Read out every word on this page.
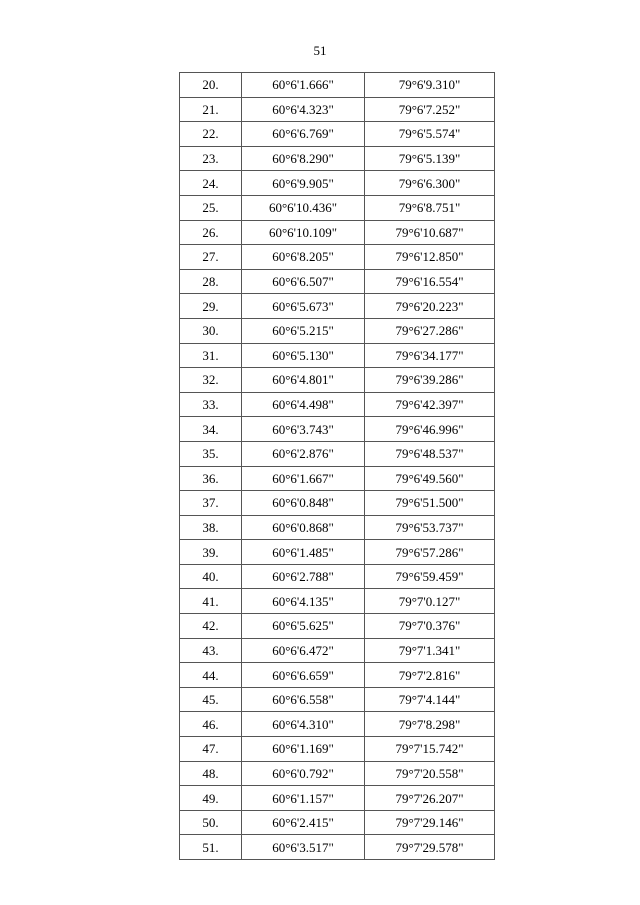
51
20.	60°6'1.666"	79°6'9.310"
21.	60°6'4.323"	79°6'7.252"
22.	60°6'6.769"	79°6'5.574"
23.	60°6'8.290"	79°6'5.139"
24.	60°6'9.905"	79°6'6.300"
25.	60°6'10.436"	79°6'8.751"
26.	60°6'10.109"	79°6'10.687"
27.	60°6'8.205"	79°6'12.850"
28.	60°6'6.507"	79°6'16.554"
29.	60°6'5.673"	79°6'20.223"
30.	60°6'5.215"	79°6'27.286"
31.	60°6'5.130"	79°6'34.177"
32.	60°6'4.801"	79°6'39.286"
33.	60°6'4.498"	79°6'42.397"
34.	60°6'3.743"	79°6'46.996"
35.	60°6'2.876"	79°6'48.537"
36.	60°6'1.667"	79°6'49.560"
37.	60°6'0.848"	79°6'51.500"
38.	60°6'0.868"	79°6'53.737"
39.	60°6'1.485"	79°6'57.286"
40.	60°6'2.788"	79°6'59.459"
41.	60°6'4.135"	79°7'0.127"
42.	60°6'5.625"	79°7'0.376"
43.	60°6'6.472"	79°7'1.341"
44.	60°6'6.659"	79°7'2.816"
45.	60°6'6.558"	79°7'4.144"
46.	60°6'4.310"	79°7'8.298"
47.	60°6'1.169"	79°7'15.742"
48.	60°6'0.792"	79°7'20.558"
49.	60°6'1.157"	79°7'26.207"
50.	60°6'2.415"	79°7'29.146"
51.	60°6'3.517"	79°7'29.578"
